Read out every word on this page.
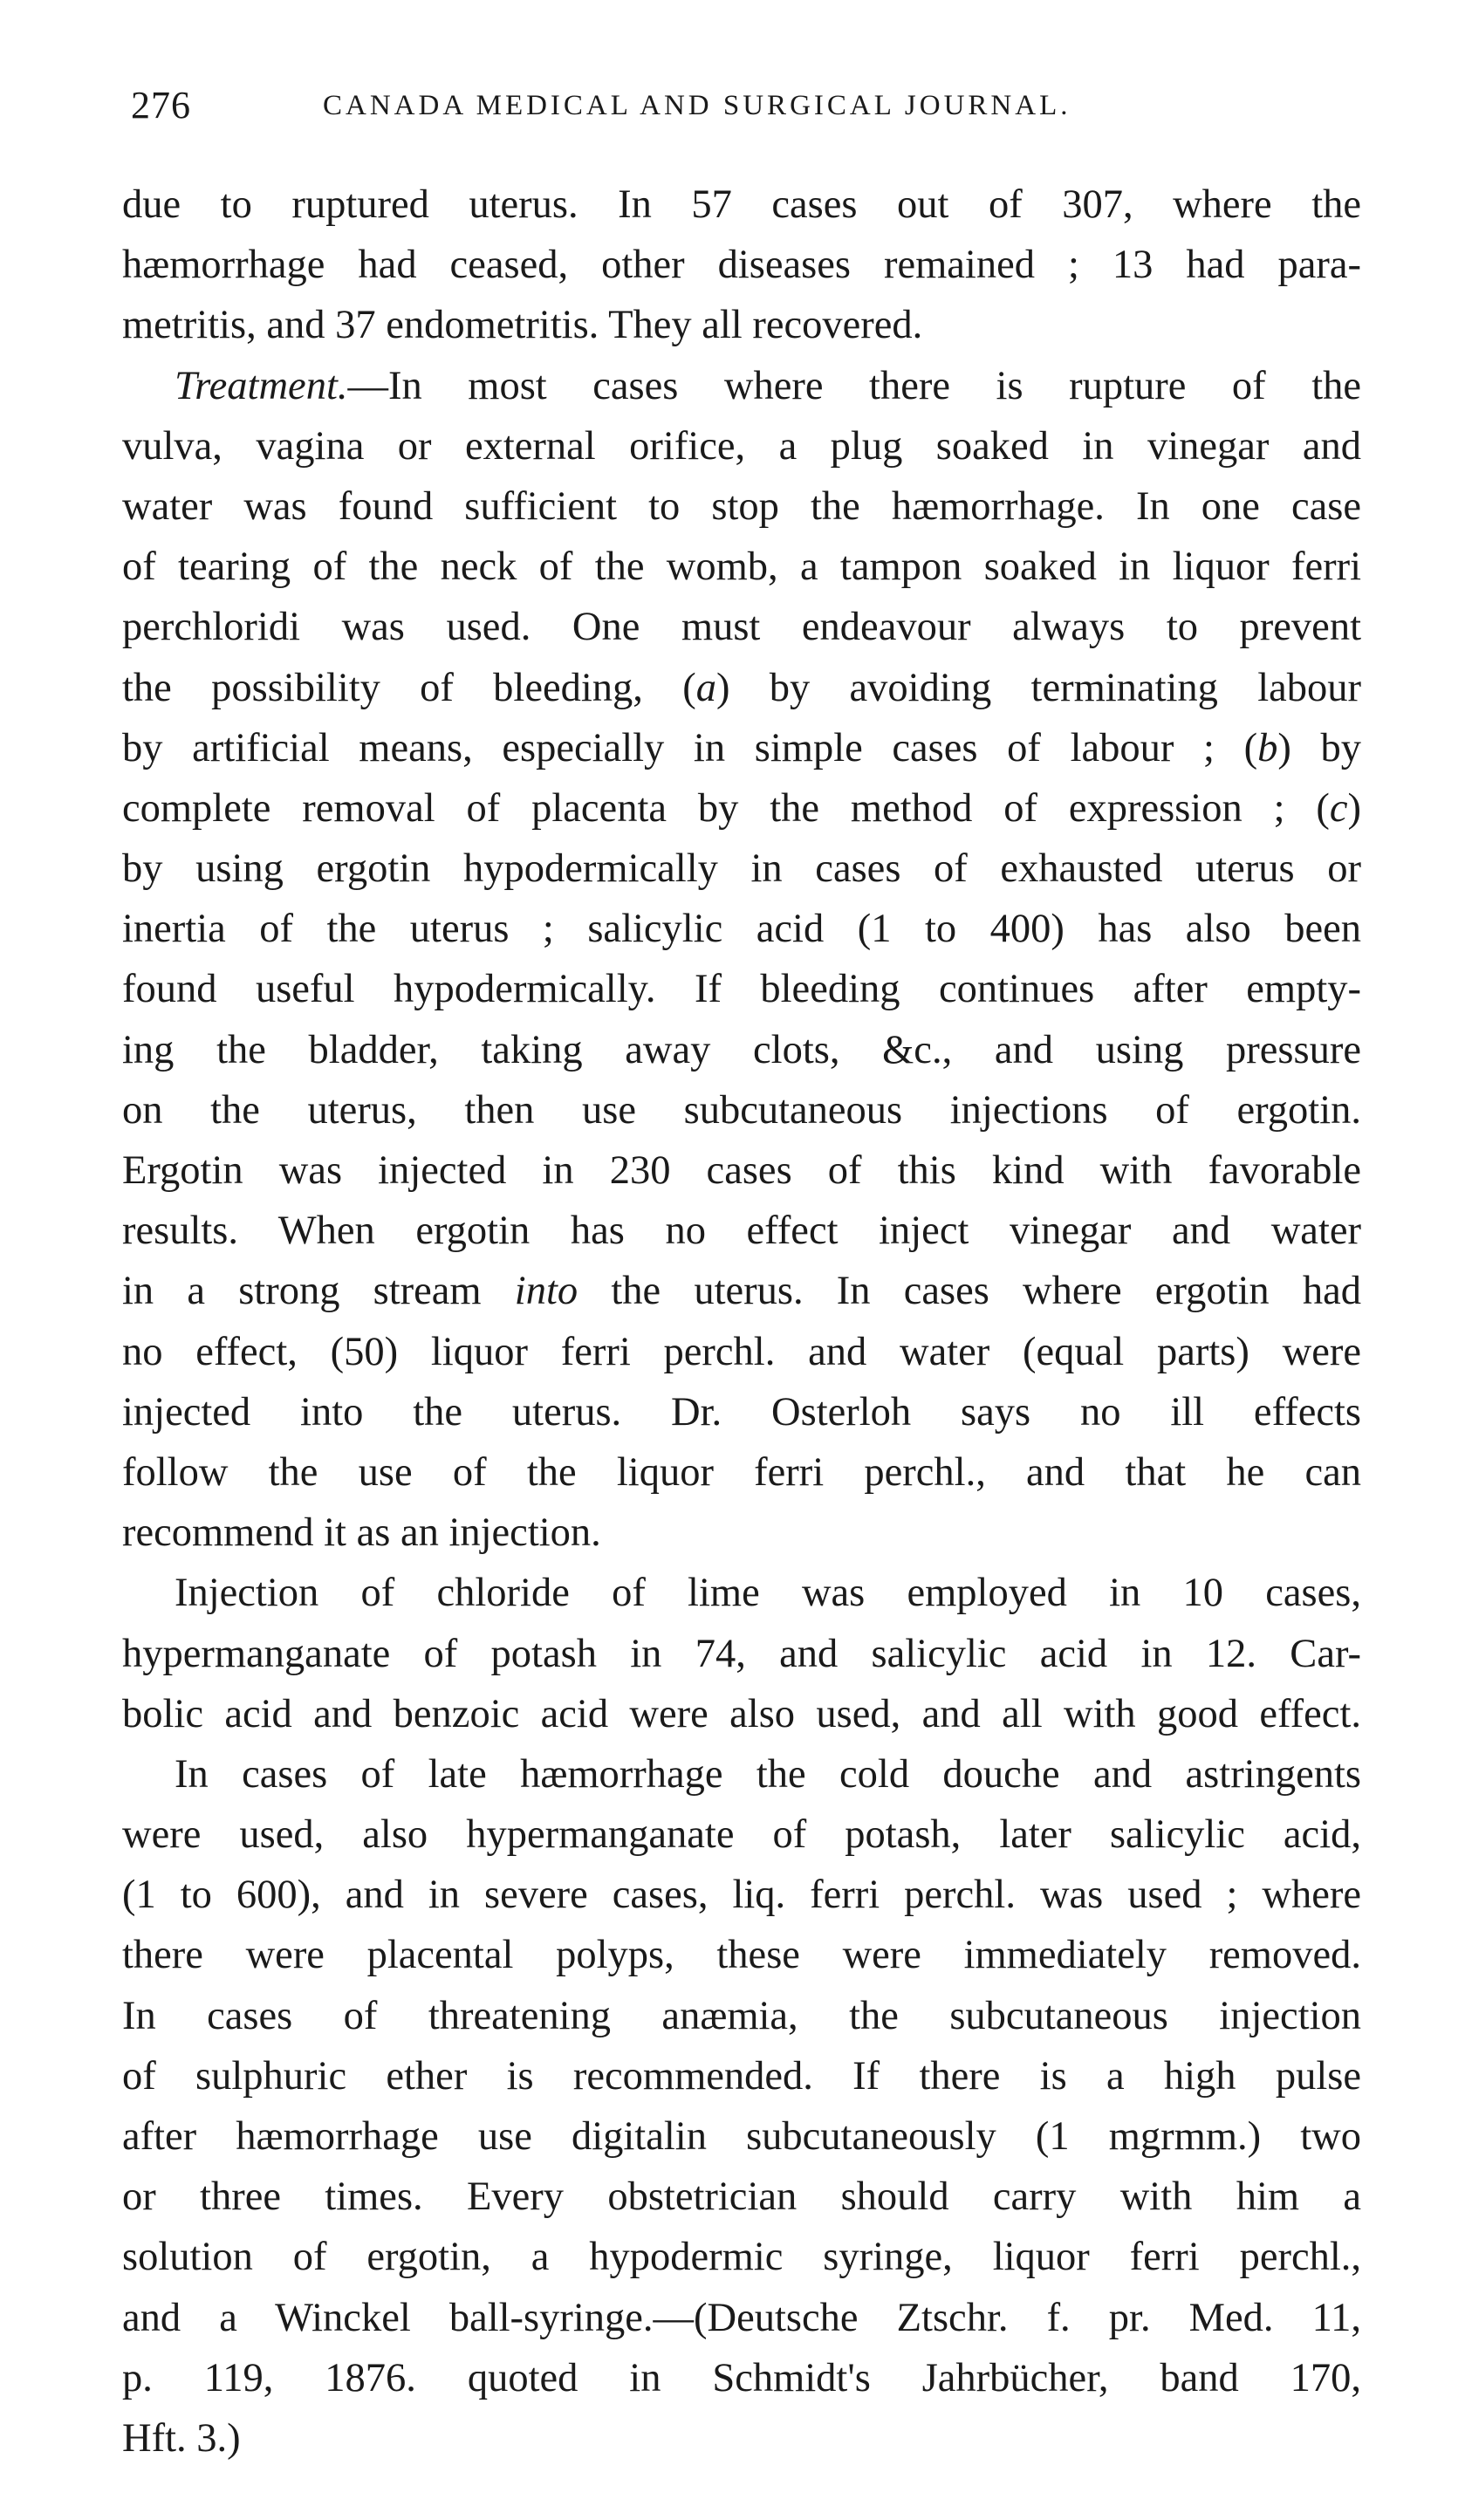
276	CANADA MEDICAL AND SURGICAL JOURNAL.
due to ruptured uterus. In 57 cases out of 307, where the
hæmorrhage had ceased, other diseases remained ; 13 had para-
metritis, and 37 endometritis. They all recovered.
Treatment.—In most cases where there is rupture of the
vulva, vagina or external orifice, a plug soaked in vinegar and
water was found sufficient to stop the hæmorrhage. In one case
of tearing of the neck of the womb, a tampon soaked in liquor ferri
perchloridi was used. One must endeavour always to prevent
the possibility of bleeding, (a) by avoiding terminating labour
by artificial means, especially in simple cases of labour ; (b) by
complete removal of placenta by the method of expression ; (c)
by using ergotin hypodermically in cases of exhausted uterus or
inertia of the uterus ; salicylic acid (1 to 400) has also been
found useful hypodermically. If bleeding continues after empty-
ing the bladder, taking away clots, &c., and using pressure
on the uterus, then use subcutaneous injections of ergotin.
Ergotin was injected in 230 cases of this kind with favorable
results. When ergotin has no effect inject vinegar and water
in a strong stream into the uterus. In cases where ergotin had
no effect, (50) liquor ferri perchl. and water (equal parts) were
injected into the uterus. Dr. Osterloh says no ill effects
follow the use of the liquor ferri perchl., and that he can
recommend it as an injection.
Injection of chloride of lime was employed in 10 cases,
hypermanganate of potash in 74, and salicylic acid in 12. Car-
bolic acid and benzoic acid were also used, and all with good effect.
In cases of late hæmorrhage the cold douche and astringents
were used, also hypermanganate of potash, later salicylic acid,
(1 to 600), and in severe cases, liq. ferri perchl. was used ; where
there were placental polyps, these were immediately removed.
In cases of threatening anæmia, the subcutaneous injection
of sulphuric ether is recommended. If there is a high pulse
after hæmorrhage use digitalin subcutaneously (1 mgrmm.) two
or three times. Every obstetrician should carry with him a
solution of ergotin, a hypodermic syringe, liquor ferri perchl.,
and a Winckel ball-syringe.—(Deutsche Ztschr. f. pr. Med. 11,
p. 119, 1876. quoted in Schmidt's Jahrbücher, band 170,
Hft. 3.)
